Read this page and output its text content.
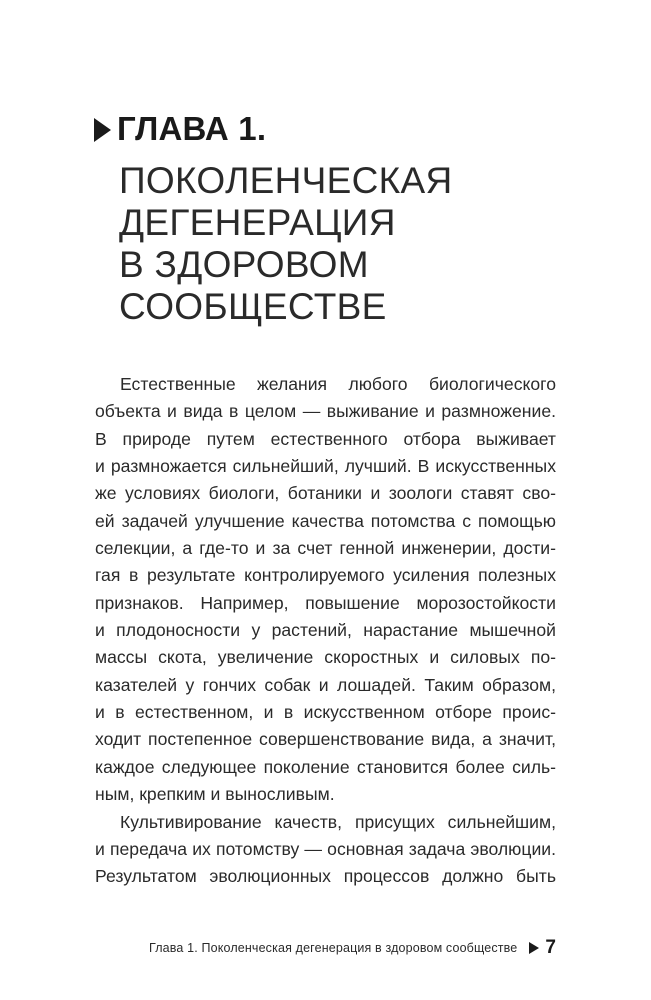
ГЛАВА 1.
ПОКОЛЕНЧЕСКАЯ
ДЕГЕНЕРАЦИЯ
В ЗДОРОВОМ
СООБЩЕСТВЕ
Естественные желания любого биологического
объекта и вида в целом — выживание и размножение.
В природе путем естественного отбора выживает
и размножается сильнейший, лучший. В искусственных
же условиях биологи, ботаники и зоологи ставят сво-
ей задачей улучшение качества потомства с помощью
селекции, а где-то и за счет генной инженерии, дости-
гая в результате контролируемого усиления полезных
признаков. Например, повышение морозостойкости
и плодоносности у растений, нарастание мышечной
массы скота, увеличение скоростных и силовых по-
казателей у гончих собак и лошадей. Таким образом,
и в естественном, и в искусственном отборе проис-
ходит постепенное совершенствование вида, а значит,
каждое следующее поколение становится более силь-
ным, крепким и выносливым.
Культивирование качеств, присущих сильнейшим,
и передача их потомству — основная задача эволюции.
Результатом эволюционных процессов должно быть
Глава 1. Поколенческая дегенерация в здоровом сообществе 7
